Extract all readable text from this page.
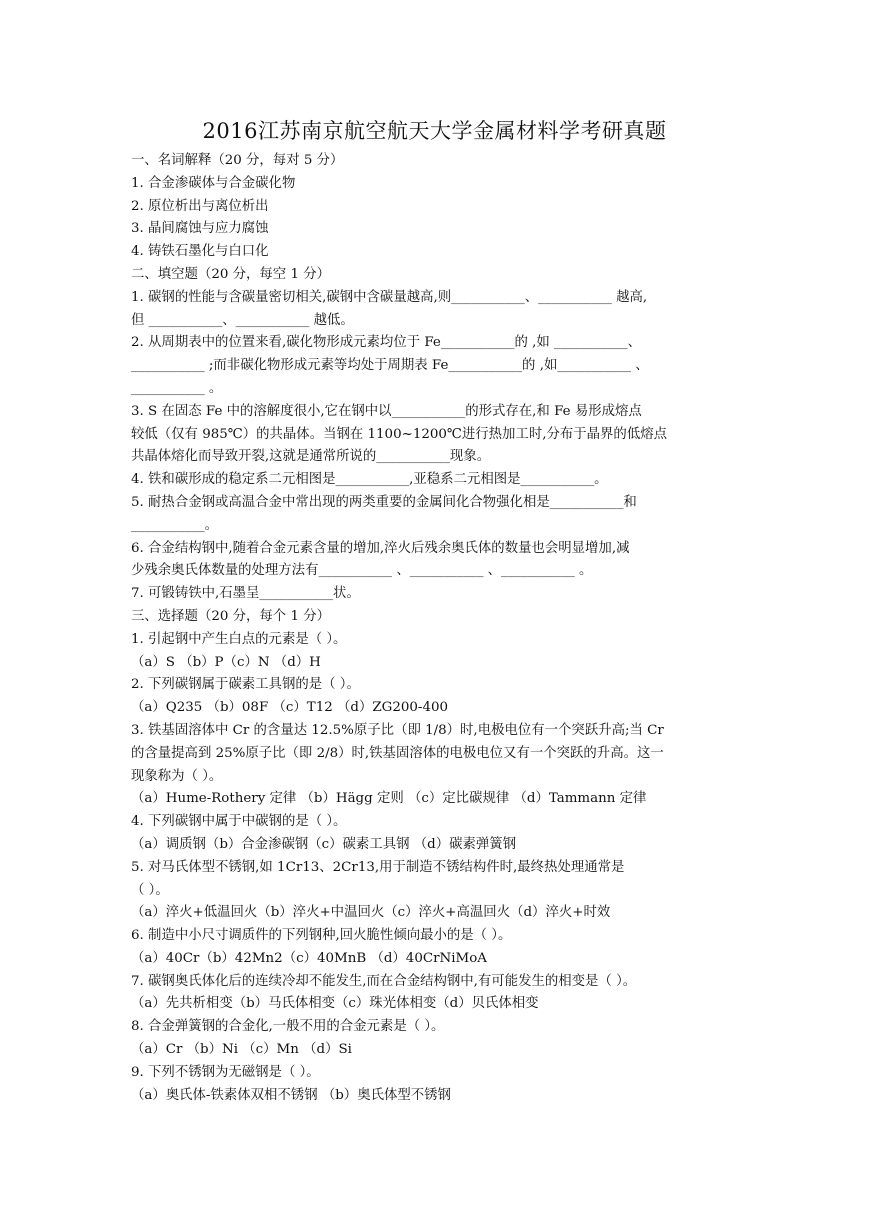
2016江苏南京航空航天大学金属材料学考研真题
一、名词解释（20 分，每对 5 分）
1. 合金渗碳体与合金碳化物
2. 原位析出与离位析出
3. 晶间腐蚀与应力腐蚀
4. 铸铁石墨化与白口化
二、填空题（20 分，每空 1 分）
1. 碳钢的性能与含碳量密切相关,碳钢中含碳量越高,则___________、___________ 越高,
但 ___________、___________ 越低。
2. 从周期表中的位置来看,碳化物形成元素均位于 Fe___________的 ,如 ___________、
___________ ;而非碳化物形成元素等均处于周期表 Fe___________的 ,如___________ 、
___________ 。
3. S 在固态 Fe 中的溶解度很小,它在钢中以___________的形式存在,和 Fe 易形成熔点
较低（仅有 985℃）的共晶体。当钢在 1100~1200℃进行热加工时,分布于晶界的低熔点
共晶体熔化而导致开裂,这就是通常所说的___________现象。
4. 铁和碳形成的稳定系二元相图是___________,亚稳系二元相图是___________。
5. 耐热合金钢或高温合金中常出现的两类重要的金属间化合物强化相是___________和
___________。
6. 合金结构钢中,随着合金元素含量的增加,淬火后残余奥氏体的数量也会明显增加,减
少残余奥氏体数量的处理方法有___________ 、___________ 、___________ 。
7. 可锻铸铁中,石墨呈___________状。
三、选择题（20 分，每个 1 分）
1. 引起钢中产生白点的元素是（ ）。
（a）S （b）P（c）N （d）H
2. 下列碳钢属于碳素工具钢的是（ ）。
（a）Q235 （b）08F （c）T12 （d）ZG200-400
3. 铁基固溶体中 Cr 的含量达 12.5%原子比（即 1/8）时,电极电位有一个突跃升高;当 Cr
的含量提高到 25%原子比（即 2/8）时,铁基固溶体的电极电位又有一个突跃的升高。这一
现象称为（ ）。
（a）Hume-Rothery 定律 （b）Hägg 定则 （c）定比碳规律 （d）Tammann 定律
4. 下列碳钢中属于中碳钢的是（ ）。
（a）调质钢（b）合金渗碳钢（c）碳素工具钢 （d）碳素弹簧钢
5. 对马氏体型不锈钢,如 1Cr13、2Cr13,用于制造不锈结构件时,最终热处理通常是
（ ）。
（a）淬火+低温回火（b）淬火+中温回火（c）淬火+高温回火（d）淬火+时效
6. 制造中小尺寸调质件的下列钢种,回火脆性倾向最小的是（ ）。
（a）40Cr（b）42Mn2（c）40MnB （d）40CrNiMoA
7. 碳钢奥氏体化后的连续冷却不能发生,而在合金结构钢中,有可能发生的相变是（ ）。
（a）先共析相变（b）马氏体相变（c）珠光体相变（d）贝氏体相变
8. 合金弹簧钢的合金化,一般不用的合金元素是（ ）。
（a）Cr （b）Ni （c）Mn （d）Si
9. 下列不锈钢为无磁钢是（ ）。
（a）奥氏体-铁素体双相不锈钢 （b）奥氏体型不锈钢
